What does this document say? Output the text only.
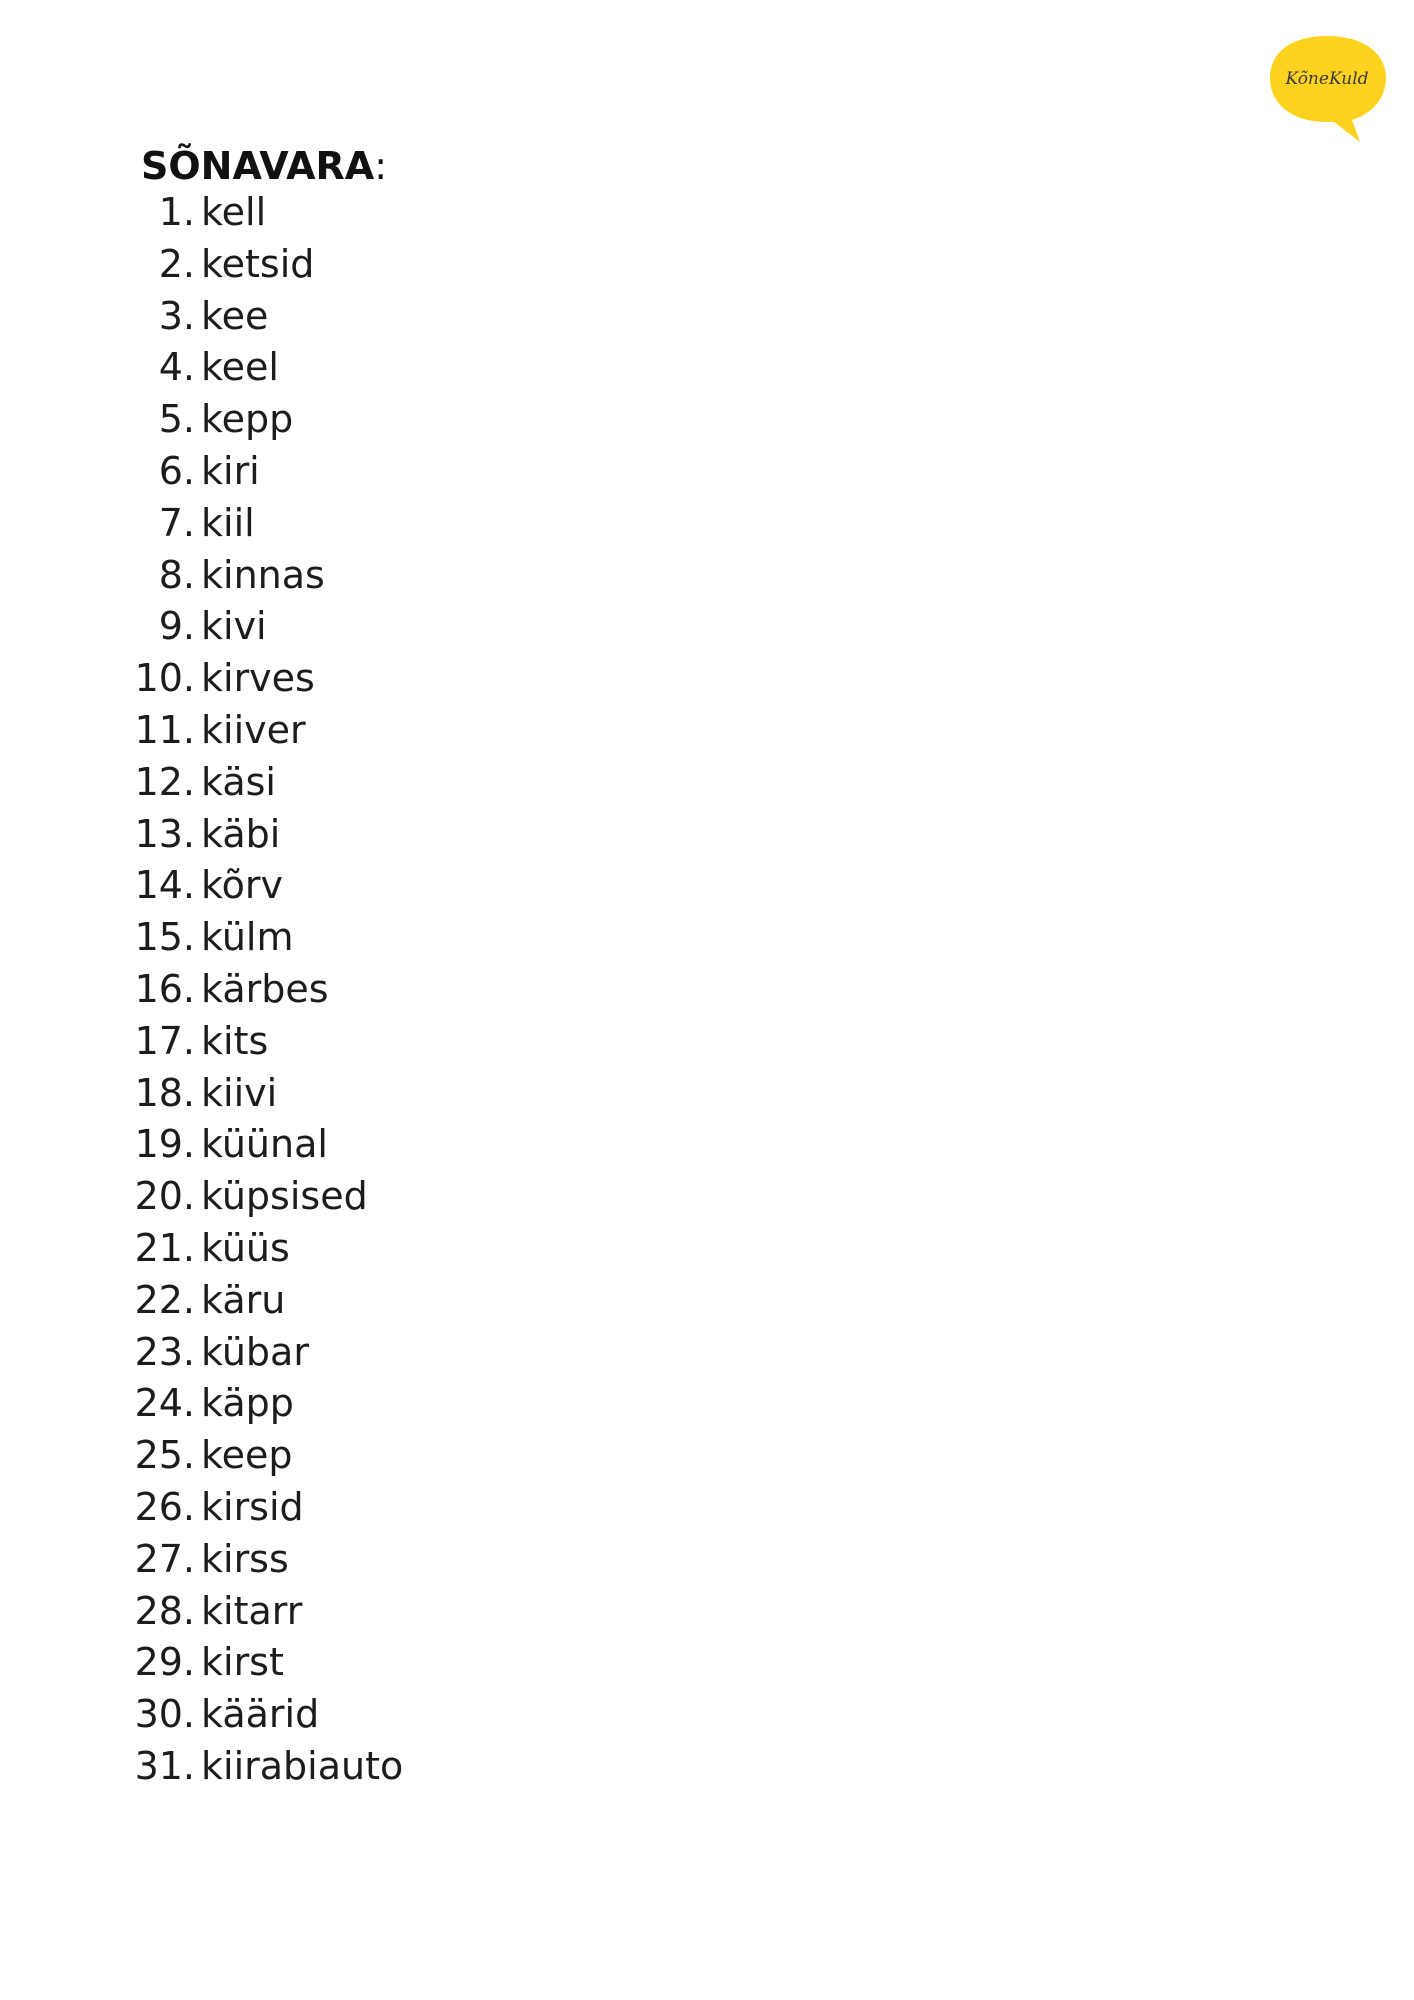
KõneKuld
SÕNAVARA:
1. kell
2. ketsid
3. kee
4. keel
5. kepp
6. kiri
7. kiil
8. kinnas
9. kivi
10. kirves
11. kiiver
12. käsi
13. käbi
14. kõrv
15. külm
16. kärbes
17. kits
18. kiivi
19. küünal
20. küpsised
21. küüs
22. käru
23. kübar
24. käpp
25. keep
26. kirsid
27. kirss
28. kitarr
29. kirst
30. käärid
31. kiirabiauto
